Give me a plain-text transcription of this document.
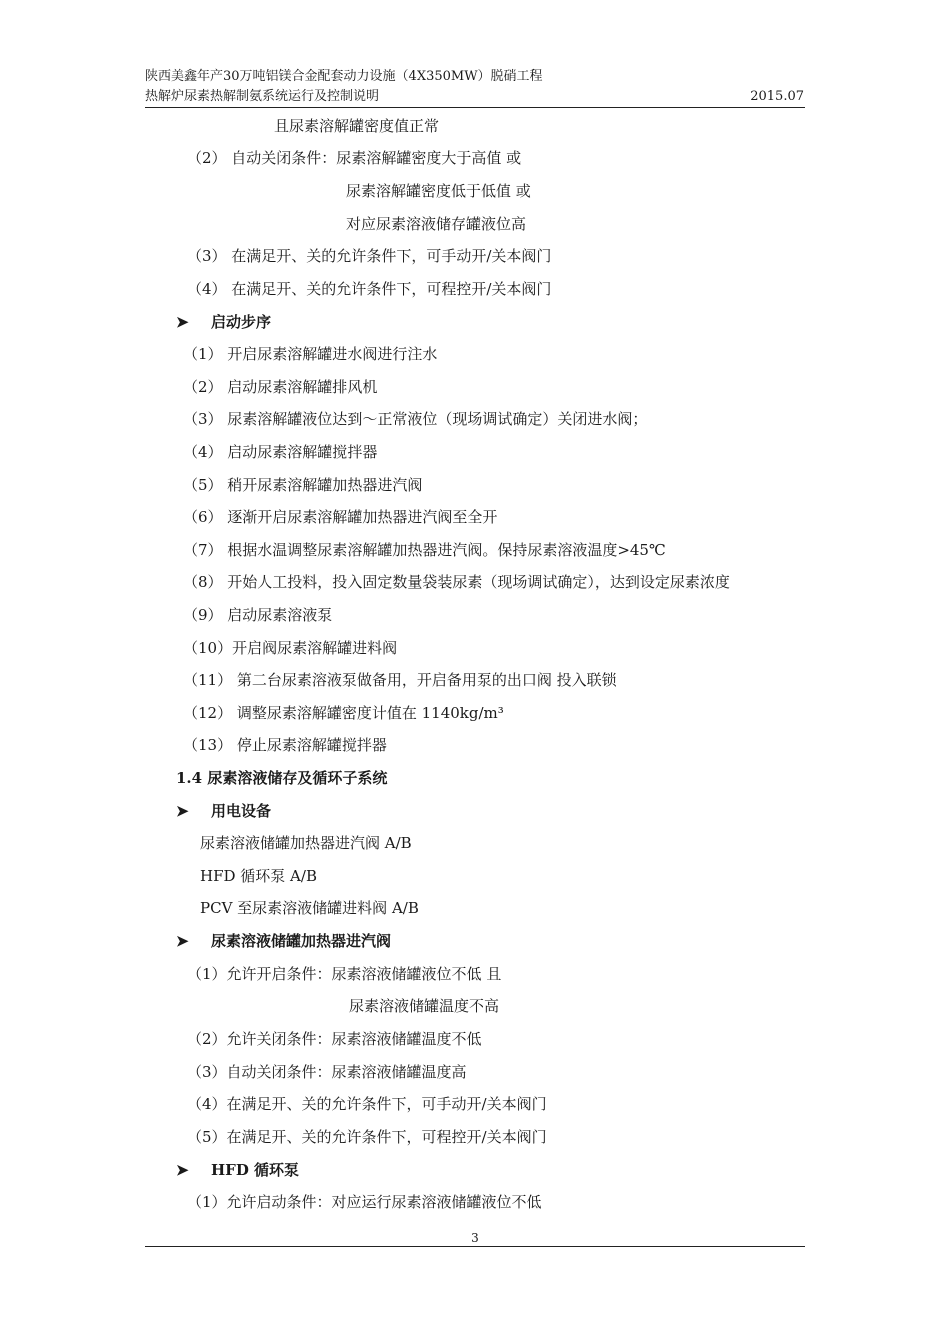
陕西美鑫年产30万吨铝镁合金配套动力设施（4X350MW）脱硝工程
热解炉尿素热解制氨系统运行及控制说明	2015.07
且尿素溶解罐密度值正常
（2） 自动关闭条件：尿素溶解罐密度大于高值 或
尿素溶解罐密度低于低值 或
对应尿素溶液储存罐液位高
（3） 在满足开、关的允许条件下，可手动开/关本阀门
（4） 在满足开、关的允许条件下，可程控开/关本阀门
➤ 启动步序
（1） 开启尿素溶解罐进水阀进行注水
（2） 启动尿素溶解罐排风机
（3） 尿素溶解罐液位达到～正常液位（现场调试确定）关闭进水阀；
（4） 启动尿素溶解罐搅拌器
（5） 稍开尿素溶解罐加热器进汽阀
（6） 逐渐开启尿素溶解罐加热器进汽阀至全开
（7） 根据水温调整尿素溶解罐加热器进汽阀。保持尿素溶液温度>45℃
（8） 开始人工投料，投入固定数量袋装尿素（现场调试确定），达到设定尿素浓度
（9） 启动尿素溶液泵
（10）开启阀尿素溶解罐进料阀
（11） 第二台尿素溶液泵做备用，开启备用泵的出口阀 投入联锁
（12） 调整尿素溶解罐密度计值在 1140kg/m³
（13） 停止尿素溶解罐搅拌器
1.4 尿素溶液储存及循环子系统
➤ 用电设备
尿素溶液储罐加热器进汽阀 A/B
HFD 循环泵 A/B
PCV 至尿素溶液储罐进料阀 A/B
➤ 尿素溶液储罐加热器进汽阀
（1）允许开启条件：尿素溶液储罐液位不低 且
尿素溶液储罐温度不高
（2）允许关闭条件：尿素溶液储罐温度不低
（3）自动关闭条件：尿素溶液储罐温度高
（4）在满足开、关的允许条件下，可手动开/关本阀门
（5）在满足开、关的允许条件下，可程控开/关本阀门
➤ HFD 循环泵
（1）允许启动条件：对应运行尿素溶液储罐液位不低
3
